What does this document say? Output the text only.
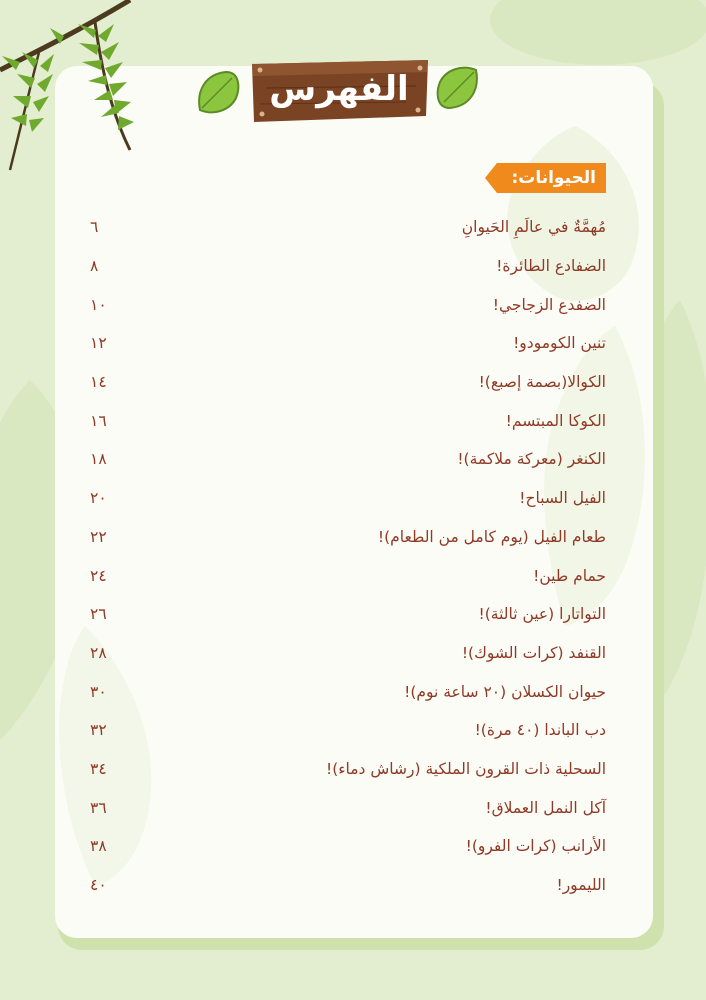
الفهرس
الحيوانات:
مُهمَّةٌ في عالَمِ الحَيوانِ
٦
الضفادع الطائرة!
٨
الضفدع الزجاجي!
١٠
تنين الكومودو!
١٢
الكوالا(بصمة إصبع)!
١٤
الكوكا المبتسم!
١٦
الكنغر (معركة ملاكمة)!
١٨
الفيل السباح!
٢٠
طعام الفيل (يوم كامل من الطعام)!
٢٢
حمام طين!
٢٤
التواتارا (عين ثالثة)!
٢٦
القنفد (كرات الشوك)!
٢٨
حيوان الكسلان (٢٠ ساعة نوم)!
٣٠
دب الباندا (٤٠ مرة)!
٣٢
السحلية ذات القرون الملكية (رشاش دماء)!
٣٤
آكل النمل العملاق!
٣٦
الأرانب (كرات الفرو)!
٣٨
الليمور!
٤٠
